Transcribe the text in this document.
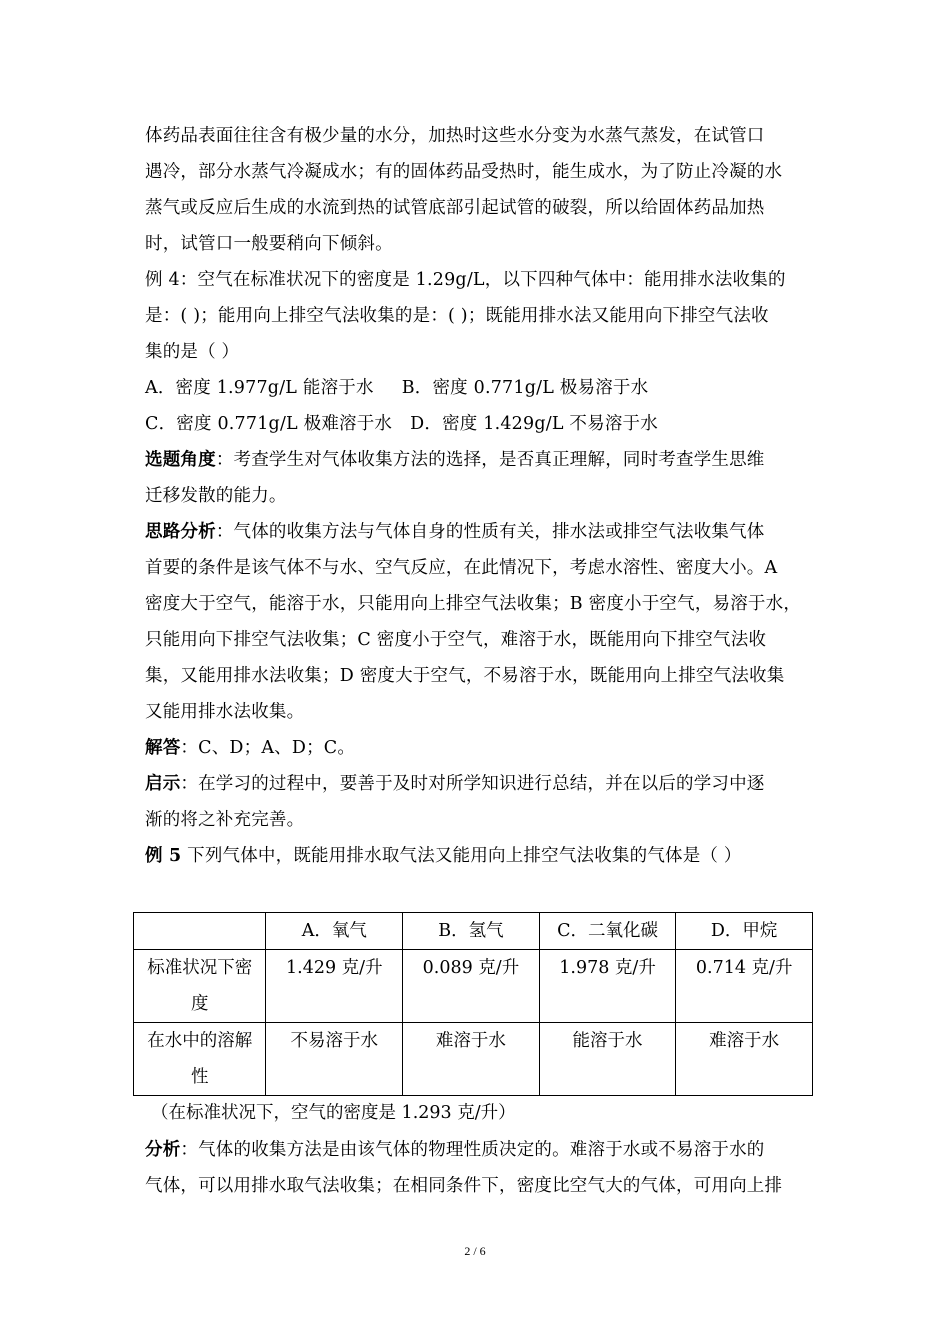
体药品表面往往含有极少量的水分，加热时这些水分变为水蒸气蒸发，在试管口
遇冷，部分水蒸气冷凝成水；有的固体药品受热时，能生成水，为了防止冷凝的水
蒸气或反应后生成的水流到热的试管底部引起试管的破裂，所以给固体药品加热
时，试管口一般要稍向下倾斜。

例 4：空气在标准状况下的密度是 1.29g/L，以下四种气体中：能用排水法收集的
是：( )；能用向上排空气法收集的是：( )；既能用排水法又能用向下排空气法收
集的是（ ）

A．密度 1.977g/L 能溶于水 B．密度 0.771g/L 极易溶于水
C．密度 0.771g/L 极难溶于水 D．密度 1.429g/L 不易溶于水

选题角度：考查学生对气体收集方法的选择，是否真正理解，同时考查学生思维
迁移发散的能力。

思路分析：气体的收集方法与气体自身的性质有关，排水法或排空气法收集气体
首要的条件是该气体不与水、空气反应，在此情况下，考虑水溶性、密度大小。A
密度大于空气，能溶于水，只能用向上排空气法收集；B 密度小于空气，易溶于水，
只能用向下排空气法收集；C 密度小于空气，难溶于水，既能用向下排空气法收
集，又能用排水法收集；D 密度大于空气，不易溶于水，既能用向上排空气法收集
又能用排水法收集。

解答：C、D；A、D；C。

启示：在学习的过程中，要善于及时对所学知识进行总结，并在以后的学习中逐
渐的将之补充完善。

例 5 下列气体中，既能用排水取气法又能用向上排空气法收集的气体是（ ）

	A．氧气	B．氢气	C．二氧化碳	D．甲烷
标准状况下密
度	1.429 克/升	0.089 克/升	1.978 克/升	0.714 克/升
在水中的溶解
性	不易溶于水	难溶于水	能溶于水	难溶于水

（在标准状况下，空气的密度是 1.293 克/升）

分析：气体的收集方法是由该气体的物理性质决定的。难溶于水或不易溶于水的
气体，可以用排水取气法收集；在相同条件下，密度比空气大的气体，可用向上排

2 / 6
